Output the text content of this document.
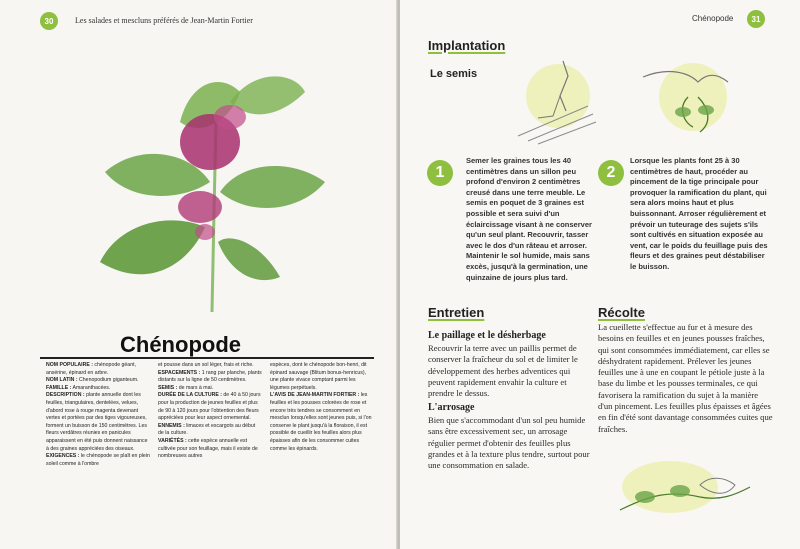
30	Les salades et mescluns préférés de Jean-Martin Fortier
Chénopode

NOM POPULAIRE : chénopode géant, ansérine, épinard en arbre.

NOM LATIN : Chenopodium giganteum.

FAMILLE : Amaranthacées.

DESCRIPTION : plante annuelle dont les feuilles, triangulaires, dentelées, velues, d'abord rose à rouge magenta devenant vertes et portées par des tiges vigoureuses, forment un buisson de 150 centimètres. Les fleurs verdâtres réunies en panicules apparaissent en été puis donnent naissance à des graines appréciées des oiseaux.

EXIGENCES : le chénopode se plaît en plein soleil comme à l'ombre

et pousse dans un sol léger, frais et riche.

ESPACEMENTS : 1 rang par planche, plants distants sur la ligne de 50 centimètres.

SEMIS : de mars à mai.

DURÉE DE LA CULTURE : de 40 à 50 jours pour la production de jeunes feuilles et plus de 90 à 120 jours pour l'obtention des fleurs appréciées pour leur aspect ornemental.

ENNEMIS : limaces et escargots au début de la culture.

VARIÉTÉS : cette espèce annuelle est cultivée pour son feuillage, mais il existe de nombreuses autres

espèces, dont le chénopode bon-henri, dit épinard sauvage (Blitum bonus-henricus), une plante vivace comptant parmi les légumes perpétuels.

L'AVIS DE JEAN-MARTIN FORTIER : les feuilles et les pousses colorées de rose et encore très tendres se consomment en mesclun lorsqu'elles sont jeunes puis, si l'on conserve le plant jusqu'à la floraison, il est possible de cueillir les feuilles alors plus épaisses afin de les consommer cuites comme les épinards.

Chénopode	31
Implantation
Le semis
1
Semer les graines tous les 40 centimètres dans un sillon peu profond d'environ 2 centimètres creusé dans une terre meuble. Le semis en poquet de 3 graines est possible et sera suivi d'un éclaircissage visant à ne conserver qu'un seul plant. Recouvrir, tasser avec le dos d'un râteau et arroser. Maintenir le sol humide, mais sans excès, jusqu'à la germination, une quinzaine de jours plus tard.
2
Lorsque les plants font 25 à 30 centimètres de haut, procéder au pincement de la tige principale pour provoquer la ramification du plant, qui sera alors moins haut et plus buissonnant. Arroser régulièrement et prévoir un tuteurage des sujets s'ils sont cultivés en situation exposée au vent, car le poids du feuillage puis des fleurs et des graines peut déstabiliser le buisson.
Entretien
Le paillage et le désherbage
Recouvrir la terre avec un paillis permet de conserver la fraîcheur du sol et de limiter le développement des herbes adventices qui peuvent rapidement envahir la culture et prendre le dessus.
L'arrosage
Bien que s'accommodant d'un sol peu humide sans être excessivement sec, un arrosage régulier permet d'obtenir des feuilles plus grandes et à la texture plus tendre, surtout pour une consommation en salade.
Récolte
La cueillette s'effectue au fur et à mesure des besoins en feuilles et en jeunes pousses fraîches, qui sont consommées immédiatement, car elles se déshydratent rapidement. Prélever les jeunes feuilles une à une en coupant le pétiole juste à la base du limbe et les pousses terminales, ce qui favorisera la ramification du sujet à la manière d'un pincement. Les feuilles plus épaisses et âgées en fin d'été sont davantage consommées cuites que fraîches.
